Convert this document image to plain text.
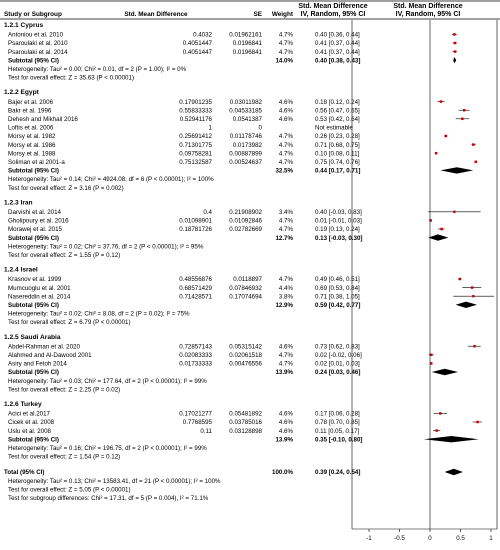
Study or Subgroup	Std. Mean Difference	SE Weight
Std. Mean Difference
IV, Random, 95% CI
Std. Mean Difference
IV, Random, 95% CI
1.2.1 Cyprus
Antoniou et al. 2010	0.4032	0.01962161	4.7%	0.40 [0.36, 0.44]
Psaroulaki et al. 2010	0.4051447	0.0196841	4.7%	0.41 [0.37, 0.44]
Psaroulaki et al. 2014	0.4051447	0.0196841	4.7%	0.41 [0.37, 0.44]
Subtotal (95% CI)	14.0%	0.40 [0.38, 0.43]
Heterogeneity: Tau² = 0.00; Chi² = 0.01, df = 2 (P = 1.00); I² = 0%
Test for overall effect: Z = 35.63 (P < 0.00001)
1.2.2 Egypt
Bajer et al. 2006	0.17901235	0.03011982	4.6%	0.18 [0.12, 0.24]
Bakr et al. 1996	0.55833333	0.04533185	4.6%	0.56 [0.47, 0.65]
Dehesh and Mikhail 2016	0.52941176	0.0541387	4.6%	0.53 [0.42, 0.64]
Loftis et al. 2006	1	0	Not estimable
Morsy et al. 1982	0.25691412	0.01178746	4.7%	0.26 [0.23, 0.28]
Morsy et al. 1986	0.71301775	0.0173982	4.7%	0.71 [0.68, 0.75]
Morsy et al. 1988	0.09758281	0.00887899	4.7%	0.10 [0.08, 0.11]
Soliman et al 2001-a	0.75132587	0.00524637	4.7%	0.75 [0.74, 0.76]
Subtotal (95% CI)	32.5%	0.44 [0.17, 0.71]
Heterogeneity: Tau² = 0.14; Chi² = 4924.08, df = 6 (P < 0.00001); I² = 100%
Test for overall effect: Z = 3.16 (P = 0.002)
1.2.3 Iran
Darvishi et al. 2014	0.4	0.21908902	3.4%	0.40 [-0.03, 0.83]
Gholipoury et al. 2016	0.01098901	0.01092846	4.7%	0.01 [-0.01, 0.03]
Morawej et al. 2015	0.18781726	0.02782669	4.7%	0.19 [0.13, 0.24]
Subtotal (95% CI)	12.7%	0.13 [-0.03, 0.30]
Heterogeneity: Tau² = 0.02; Chi² = 37.76, df = 2 (P < 0.00001); I² = 95%
Test for overall effect: Z = 1.55 (P = 0.12)
1.2.4 Israel
Krasnov et al. 1999	0.48556876	0.0118897	4.7%	0.49 [0.46, 0.51]
Mumcuoglu et al. 2001	0.68571429	0.07846932	4.4%	0.69 [0.53, 0.84]
Nasereddin et al. 2014	0.71428571	0.17074694	3.8%	0.71 [0.38, 1.05]
Subtotal (95% CI)	12.9%	0.59 [0.42, 0.77]
Heterogeneity: Tau² = 0.02; Chi² = 8.08, df = 2 (P = 0.02); I² = 75%
Test for overall effect: Z = 6.79 (P < 0.00001)
1.2.5 Saudi Arabia
Abdel-Rahman et al. 2020	0.72857143	0.05315142	4.6%	0.73 [0.62, 0.83]
Alahmed and Al-Dawood 2001	0.02083333	0.02061518	4.7%	0.02 [-0.02, 0.06]
Asiry and Fetoh 2014	0.01733333	0.00476556	4.7%	0.02 [0.01, 0.03]
Subtotal (95% CI)	13.9%	0.24 [0.03, 0.46]
Heterogeneity: Tau² = 0.03; Chi² = 177.64, df = 2 (P < 0.00001); I² = 99%
Test for overall effect: Z = 2.25 (P = 0.02)
1.2.6 Turkey
Acici et al.2017	0.17021277	0.05481892	4.6%	0.17 [0.06, 0.28]
Cicek et al. 2008	0.7768595	0.03785016	4.6%	0.78 [0.70, 0.85]
Uslu et al. 2008	0.11	0.03128898	4.6%	0.11 [0.05, 0.17]
Subtotal (95% CI)	13.9%	0.35 [-0.10, 0.80]
Heterogeneity: Tau² = 0.16; Chi² = 196.75, df = 2 (P < 0.00001); I² = 99%
Test for overall effect: Z = 1.54 (P = 0.12)
Total (95% CI)	100.0%	0.39 [0.24, 0.54]
Heterogeneity: Tau² = 0.13; Chi² = 13583.41, df = 21 (P < 0.00001); I² = 100%
Test for overall effect: Z = 5.05 (P < 0.00001)
Test for subgroup differences: Chi² = 17.31, df = 5 (P = 0.004), I² = 71.1%
-1	-0.5	0	0.5	1
